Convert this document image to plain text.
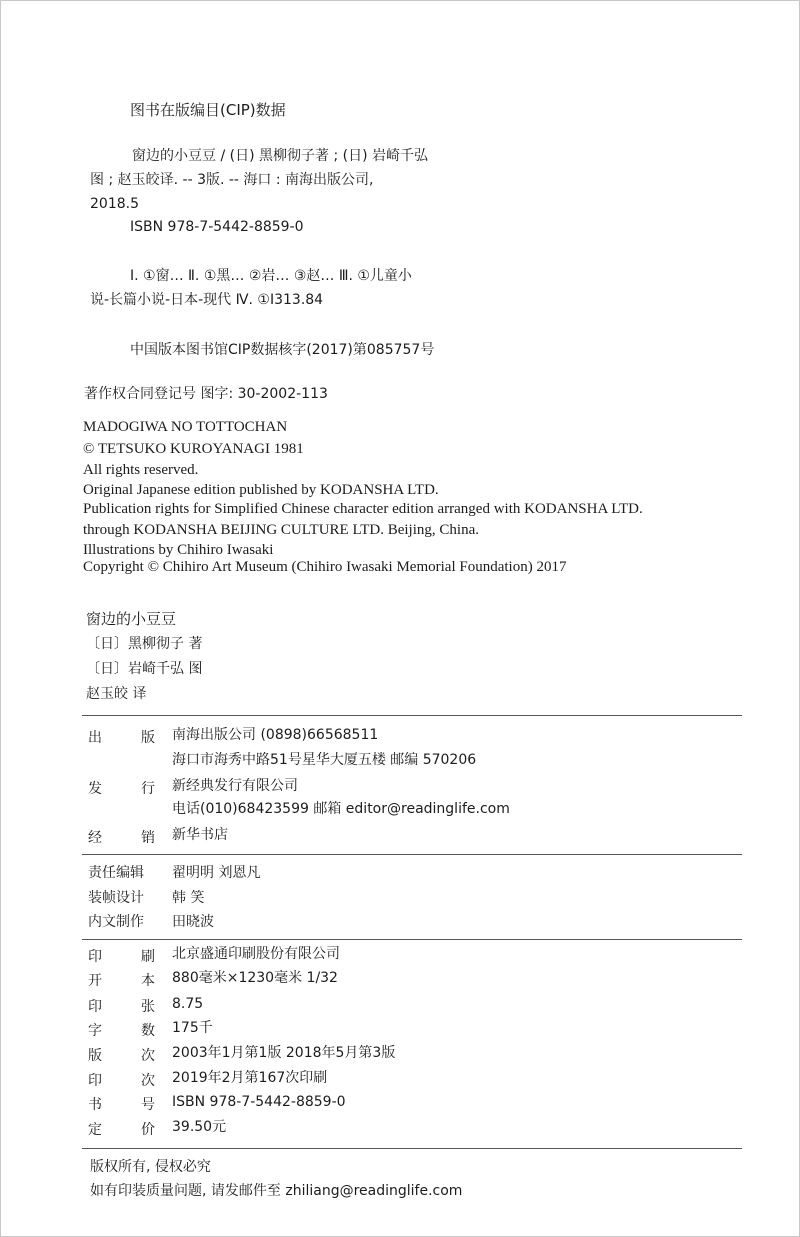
图书在版编目(CIP)数据
窗边的小豆豆 / (日) 黑柳彻子著 ; (日) 岩崎千弘
图 ; 赵玉皎译. -- 3版. -- 海口 : 南海出版公司,
2018.5
ISBN 978-7-5442-8859-0
Ⅰ. ①窗… Ⅱ. ①黑… ②岩… ③赵… Ⅲ. ①儿童小
说-长篇小说-日本-现代 Ⅳ. ①I313.84
中国版本图书馆CIP数据核字(2017)第085757号
著作权合同登记号 图字: 30-2002-113
MADOGIWA NO TOTTOCHAN
© TETSUKO KUROYANAGI 1981
All rights reserved.
Original Japanese edition published by KODANSHA LTD.
Publication rights for Simplified Chinese character edition arranged with KODANSHA LTD.
through KODANSHA BEIJING CULTURE LTD. Beijing, China.
Illustrations by Chihiro Iwasaki
Copyright © Chihiro Art Museum (Chihiro Iwasaki Memorial Foundation) 2017
窗边的小豆豆
〔日〕黑柳彻子 著
〔日〕岩崎千弘 图
赵玉皎 译
出	版 南海出版公司 (0898)66568511
海口市海秀中路51号星华大厦五楼 邮编 570206
发	行 新经典发行有限公司
电话(010)68423599 邮箱 editor@readinglife.com
经	销 新华书店
责任编辑 翟明明 刘恩凡
装帧设计 韩 笑
内文制作 田晓波
印	刷 北京盛通印刷股份有限公司
开	本 880毫米×1230毫米 1/32
印	张 8.75
字	数 175千
版	次 2003年1月第1版 2018年5月第3版
印	次 2019年2月第167次印刷
书	号 ISBN 978-7-5442-8859-0
定	价 39.50元
版权所有, 侵权必究
如有印装质量问题, 请发邮件至 zhiliang@readinglife.com
